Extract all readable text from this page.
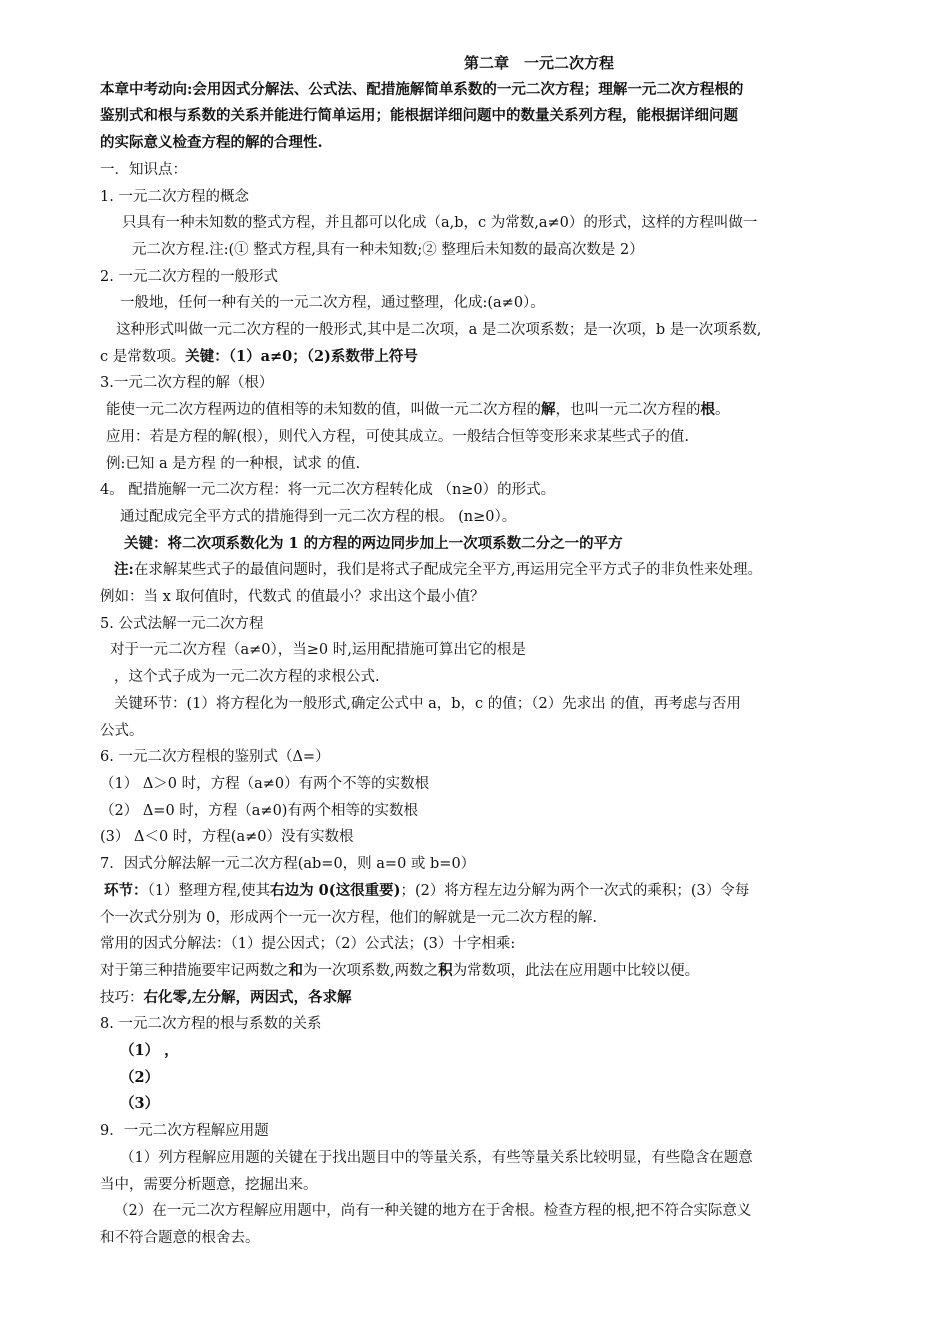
第二章　一元二次方程
本章中考动向:会用因式分解法、公式法、配措施解简单系数的一元二次方程；理解一元二次方程根的
鉴别式和根与系数的关系并能进行简单运用；能根据详细问题中的数量关系列方程，能根据详细问题
的实际意义检查方程的解的合理性.
一．知识点：
1. 一元二次方程的概念
只具有一种未知数的整式方程，并且都可以化成（a,b，c 为常数,a≠0）的形式，这样的方程叫做一
元二次方程.注:(① 整式方程,具有一种未知数;② 整理后未知数的最高次数是 2）
2. 一元二次方程的一般形式
一般地，任何一种有关的一元二次方程，通过整理，化成:(a≠0）。
这种形式叫做一元二次方程的一般形式,其中是二次项，a 是二次项系数；是一次项，b 是一次项系数,
c 是常数项。关键：（1）a≠0；（2)系数带上符号
3.一元二次方程的解（根）
能使一元二次方程两边的值相等的未知数的值，叫做一元二次方程的解，也叫一元二次方程的根。
应用：若是方程的解(根），则代入方程，可使其成立。一般结合恒等变形来求某些式子的值.
例:已知 a 是方程 的一种根，试求 的值.
4。 配措施解一元二次方程：将一元二次方程转化成 （n≥0）的形式。
通过配成完全平方式的措施得到一元二次方程的根。 (n≥0）。
关键：将二次项系数化为 1 的方程的两边同步加上一次项系数二分之一的平方
注:在求解某些式子的最值问题时，我们是将式子配成完全平方,再运用完全平方式子的非负性来处理。
例如：当 x 取何值时，代数式 的值最小？求出这个最小值？
5. 公式法解一元二次方程
对于一元二次方程（a≠0），当≥0 时,运用配措施可算出它的根是
，这个式子成为一元二次方程的求根公式.
关键环节：(1）将方程化为一般形式,确定公式中 a，b，c 的值；（2）先求出 的值，再考虑与否用
公式。
6. 一元二次方程根的鉴别式（Δ=）
（1） Δ＞0 时，方程（a≠0）有两个不等的实数根
（2） Δ=0 时，方程（a≠0)有两个相等的实数根
(3） Δ＜0 时，方程(a≠0）没有实数根
7．因式分解法解一元二次方程(ab=0，则 a=0 或 b=0）
环节：（1）整理方程,使其右边为 0(这很重要)；(2）将方程左边分解为两个一次式的乘积；(3）令每
个一次式分别为 0，形成两个一元一次方程，他们的解就是一元二次方程的解.
常用的因式分解法：（1）提公因式；（2）公式法；(3）十字相乘:
对于第三种措施要牢记两数之和为一次项系数,两数之积为常数项，此法在应用题中比较以便。
技巧：右化零,左分解，两因式，各求解
8. 一元二次方程的根与系数的关系
（1） ，
（2）
（3）
9．一元二次方程解应用题
（1）列方程解应用题的关键在于找出题目中的等量关系，有些等量关系比较明显，有些隐含在题意
当中，需要分析题意，挖掘出来。
（2）在一元二次方程解应用题中，尚有一种关键的地方在于舍根。检查方程的根,把不符合实际意义
和不符合题意的根舍去。
